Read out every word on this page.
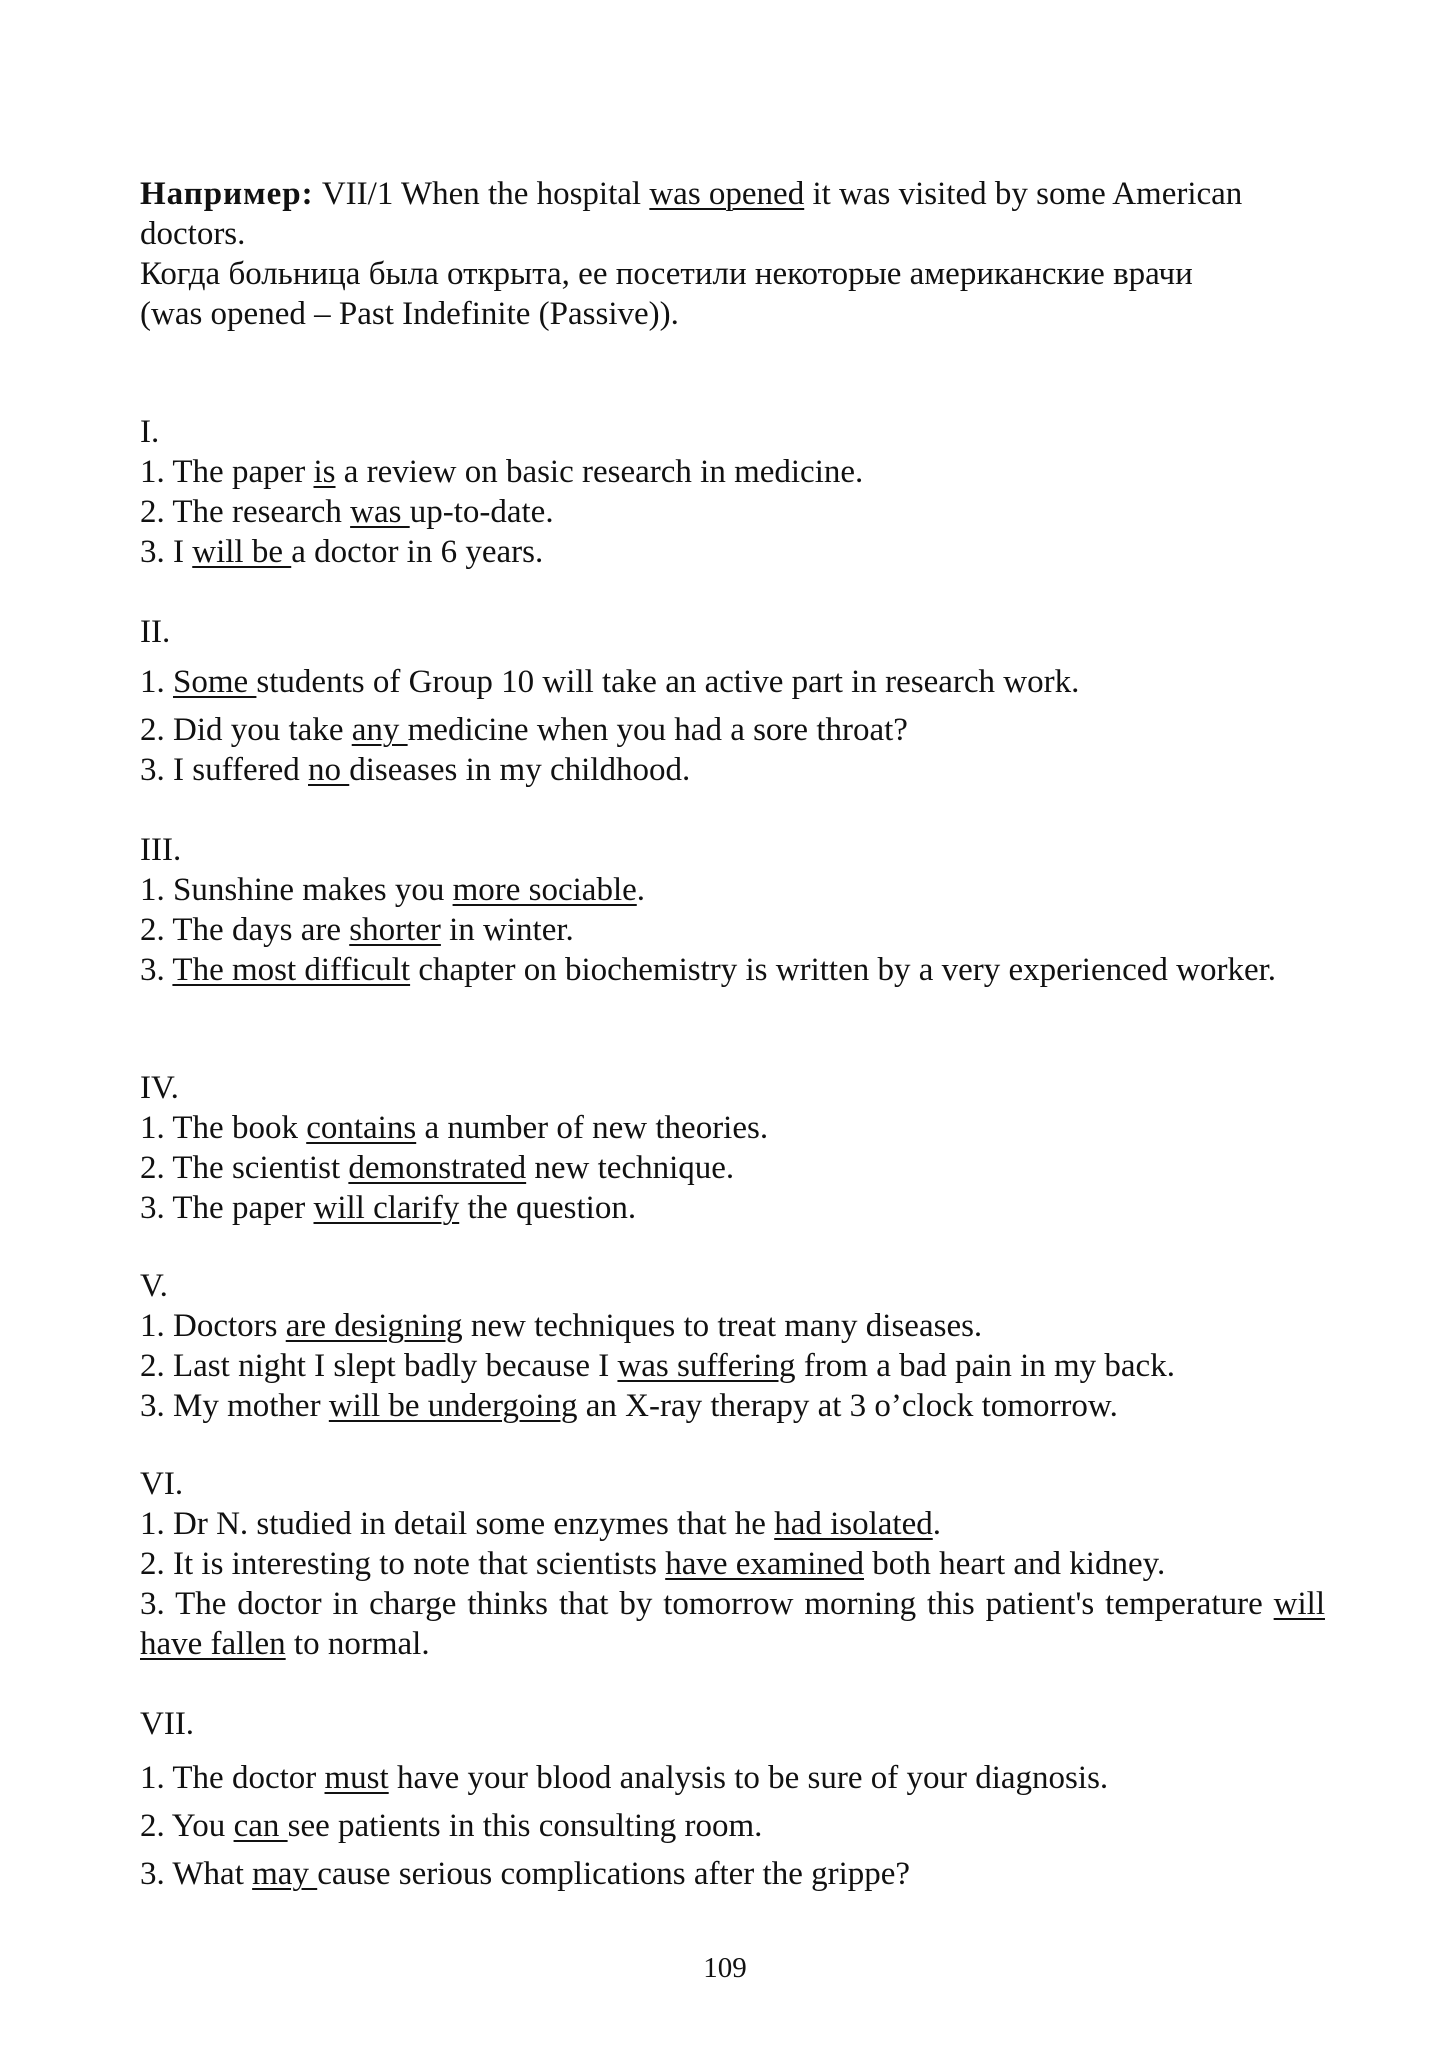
Например: VII/1 When the hospital was opened it was visited by some American doctors.
Когда больница была открыта, ее посетили некоторые американские врачи
(was opened – Past Indefinite (Passive)).
I.
1. The paper is a review on basic research in medicine.
2. The research was up-to-date.
3. I will be a doctor in 6 years.
II.
1. Some students of Group 10 will take an active part in research work.
2. Did you take any medicine when you had a sore throat?
3. I suffered no diseases in my childhood.
III.
1. Sunshine makes you more sociable.
2. The days are shorter in winter.
3. The most difficult chapter on biochemistry is written by a very experienced worker.
IV.
1. The book contains a number of new theories.
2. The scientist demonstrated new technique.
3. The paper will clarify the question.
V.
1. Doctors are designing new techniques to treat many diseases.
2. Last night I slept badly because I was suffering from a bad pain in my back.
3. My mother will be undergoing an X-ray therapy at 3 o’clock tomorrow.
VI.
1. Dr N. studied in detail some enzymes that he had isolated.
2. It is interesting to note that scientists have examined both heart and kidney.
3. The doctor in charge thinks that by tomorrow morning this patient's temperature will have fallen to normal.
VII.
1. The doctor must have your blood analysis to be sure of your diagnosis.
2. You can see patients in this consulting room.
3. What may cause serious complications after the grippe?
109
